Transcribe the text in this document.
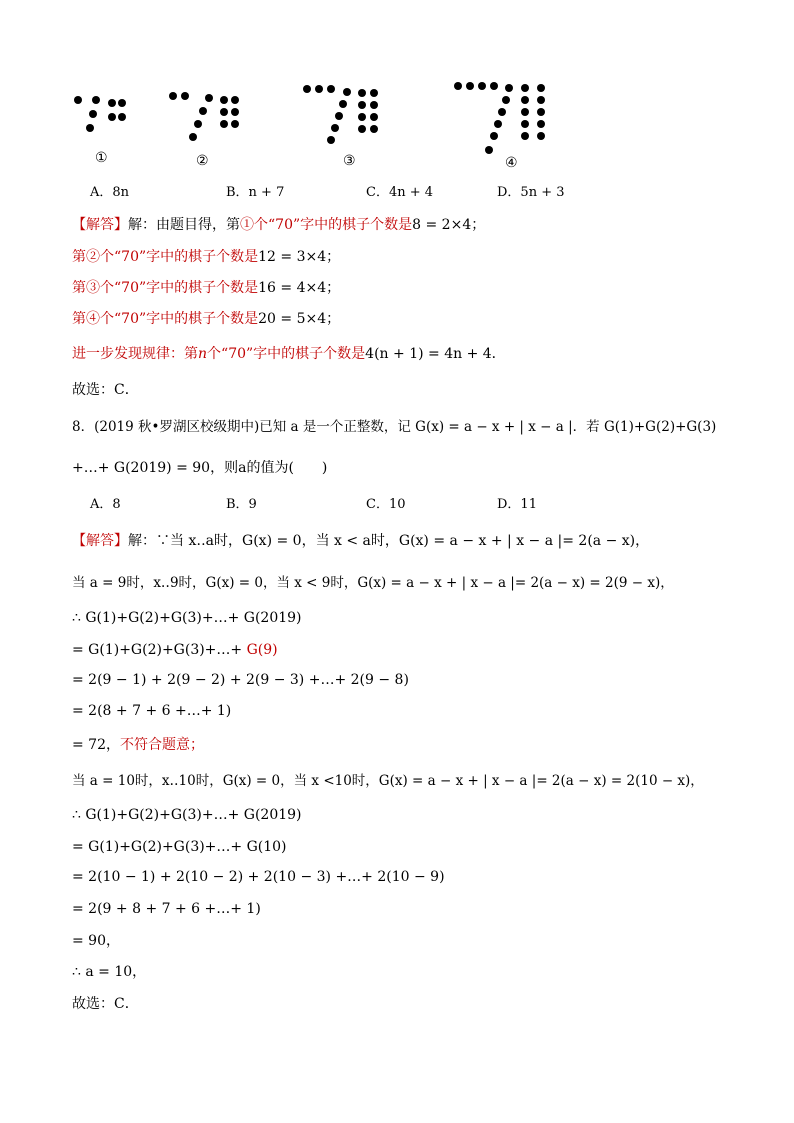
①	②	③	④
A．8n	B．n + 7	C．4n + 4	D．5n + 3
【解答】解：由题目得，第①个“70”字中的棋子个数是8 = 2×4；
第②个“70”字中的棋子个数是12 = 3×4；
第③个“70”字中的棋子个数是16 = 4×4；
第④个“70”字中的棋子个数是20 = 5×4；
进一步发现规律：第n个“70”字中的棋子个数是4(n + 1) = 4n + 4．
故选：C．
8．(2019 秋•罗湖区校级期中)已知 a 是一个正整数，记 G(x) = a − x + | x − a |．若 G(1)+G(2)+G(3)
+…+ G(2019) = 90，则a的值为(　　)
A．8	B．9	C．10	D．11
【解答】解：∵当 x‥a时，G(x) = 0，当 x < a时，G(x) = a − x + | x − a |= 2(a − x)，
当 a = 9时，x‥9时，G(x) = 0，当 x < 9时，G(x) = a − x + | x − a |= 2(a − x) = 2(9 − x)，
∴ G(1)+G(2)+G(3)+…+ G(2019)
= G(1)+G(2)+G(3)+…+ G(9)
= 2(9 − 1) + 2(9 − 2) + 2(9 − 3) +…+ 2(9 − 8)
= 2(8 + 7 + 6 +…+ 1)
= 72，不符合题意；
当 a = 10时，x‥10时，G(x) = 0，当 x <10时，G(x) = a − x + | x − a |= 2(a − x) = 2(10 − x)，
∴ G(1)+G(2)+G(3)+…+ G(2019)
= G(1)+G(2)+G(3)+…+ G(10)
= 2(10 − 1) + 2(10 − 2) + 2(10 − 3) +…+ 2(10 − 9)
= 2(9 + 8 + 7 + 6 +…+ 1)
= 90，
∴ a = 10，
故选：C．
